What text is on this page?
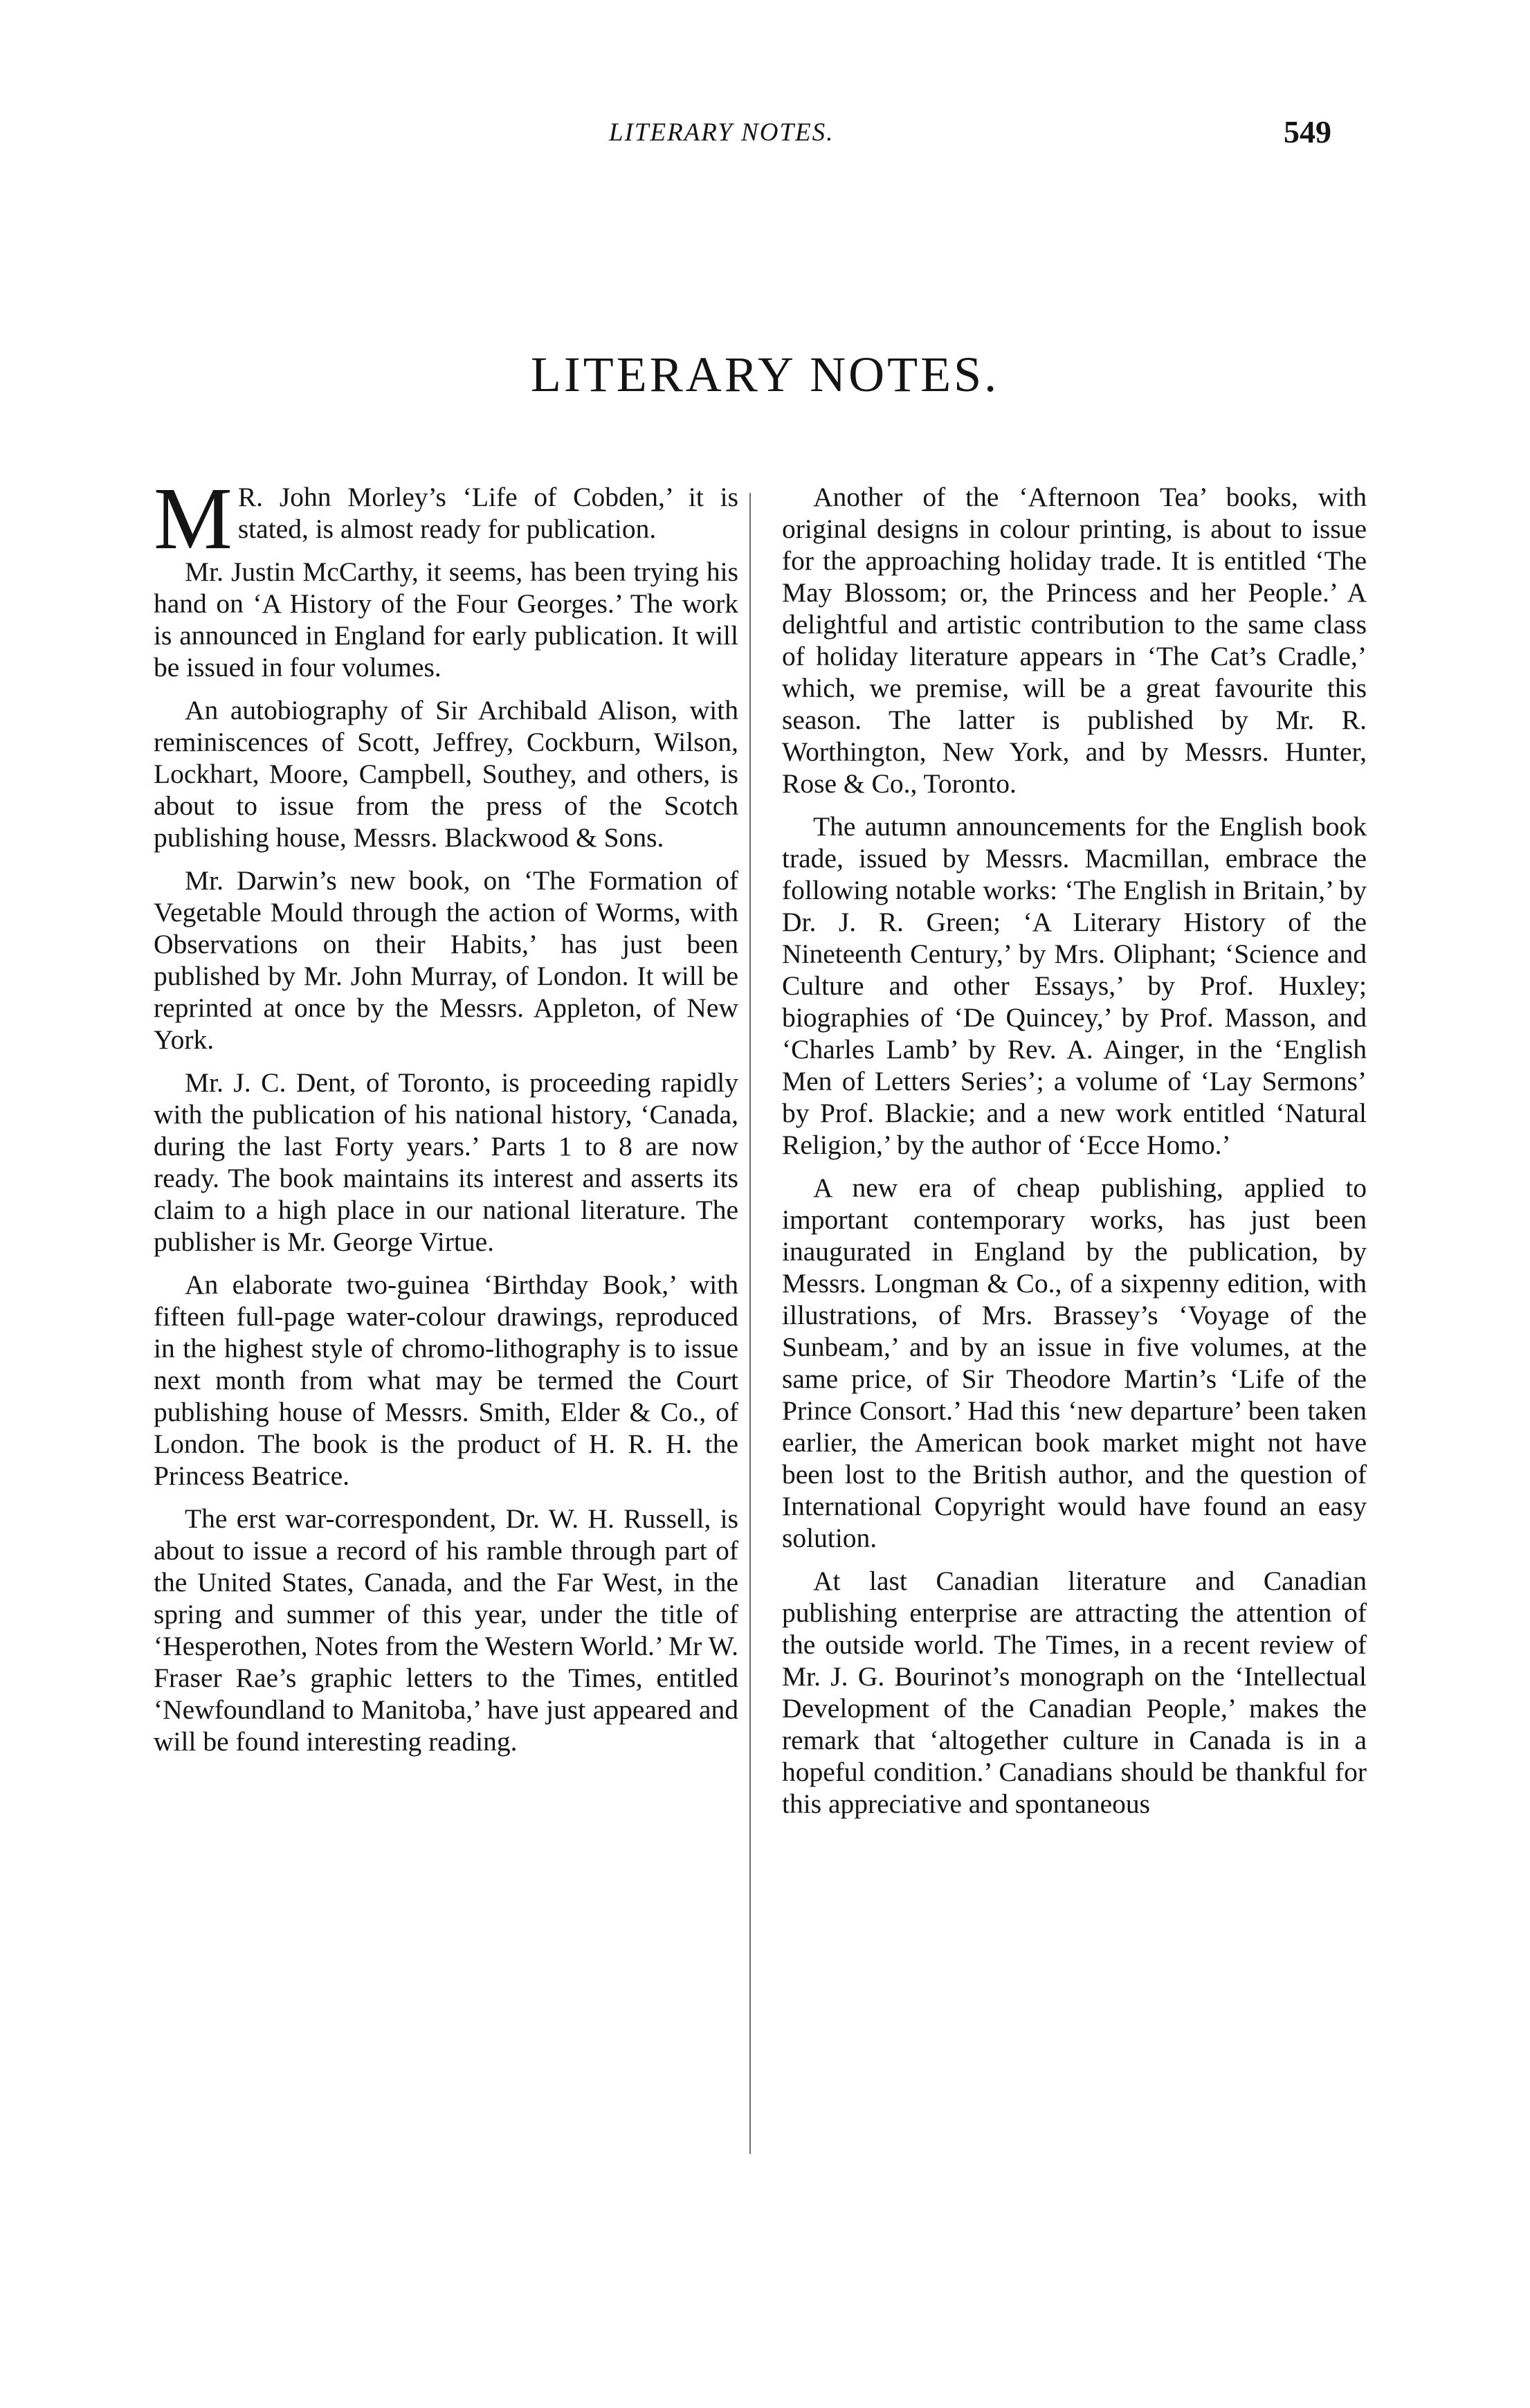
LITERARY NOTES.	549
LITERARY NOTES.

M R. John Morley’s ‘Life of Cobden,’ it is stated, is almost ready for publication.

Mr. Justin McCarthy, it seems, has been trying his hand on ‘A History of the Four Georges.’ The work is announced in England for early publication. It will be issued in four volumes.

An autobiography of Sir Archibald Alison, with reminiscences of Scott, Jeffrey, Cockburn, Wilson, Lockhart, Moore, Campbell, Southey, and others, is about to issue from the press of the Scotch publishing house, Messrs. Blackwood & Sons.

Mr. Darwin’s new book, on ‘The Formation of Vegetable Mould through the action of Worms, with Observations on their Habits,’ has just been published by Mr. John Murray, of London. It will be reprinted at once by the Messrs. Appleton, of New York.

Mr. J. C. Dent, of Toronto, is proceeding rapidly with the publication of his national history, ‘Canada, during the last Forty years.’ Parts 1 to 8 are now ready. The book maintains its interest and asserts its claim to a high place in our national literature. The publisher is Mr. George Virtue.

An elaborate two-guinea ‘Birthday Book,’ with fifteen full-page water-colour drawings, reproduced in the highest style of chromo-lithography is to issue next month from what may be termed the Court publishing house of Messrs. Smith, Elder & Co., of London. The book is the product of H. R. H. the Princess Beatrice.

The erst war-correspondent, Dr. W. H. Russell, is about to issue a record of his ramble through part of the United States, Canada, and the Far West, in the spring and summer of this year, under the title of ‘Hesperothen, Notes from the Western World.’ Mr W. Fraser Rae’s graphic letters to the Times, entitled ‘Newfoundland to Manitoba,’ have just appeared and will be found interesting reading.

Another of the ‘Afternoon Tea’ books, with original designs in colour printing, is about to issue for the approaching holiday trade. It is entitled ‘The May Blossom; or, the Princess and her People.’ A delightful and artistic contribution to the same class of holiday literature appears in ‘The Cat’s Cradle,’ which, we premise, will be a great favourite this season. The latter is published by Mr. R. Worthington, New York, and by Messrs. Hunter, Rose & Co., Toronto.

The autumn announcements for the English book trade, issued by Messrs. Macmillan, embrace the following notable works: ‘The English in Britain,’ by Dr. J. R. Green; ‘A Literary History of the Nineteenth Century,’ by Mrs. Oliphant; ‘Science and Culture and other Essays,’ by Prof. Huxley; biographies of ‘De Quincey,’ by Prof. Masson, and ‘Charles Lamb’ by Rev. A. Ainger, in the ‘English Men of Letters Series’; a volume of ‘Lay Sermons’ by Prof. Blackie; and a new work entitled ‘Natural Religion,’ by the author of ‘Ecce Homo.’

A new era of cheap publishing, applied to important contemporary works, has just been inaugurated in England by the publication, by Messrs. Longman & Co., of a sixpenny edition, with illustrations, of Mrs. Brassey’s ‘Voyage of the Sunbeam,’ and by an issue in five volumes, at the same price, of Sir Theodore Martin’s ‘Life of the Prince Consort.’ Had this ‘new departure’ been taken earlier, the American book market might not have been lost to the British author, and the question of International Copyright would have found an easy solution.

At last Canadian literature and Canadian publishing enterprise are attracting the attention of the outside world. The Times, in a recent review of Mr. J. G. Bourinot’s monograph on the ‘Intellectual Development of the Canadian People,’ makes the remark that ‘altogether culture in Canada is in a hopeful condition.’ Canadians should be thankful for this appreciative and spontaneous
